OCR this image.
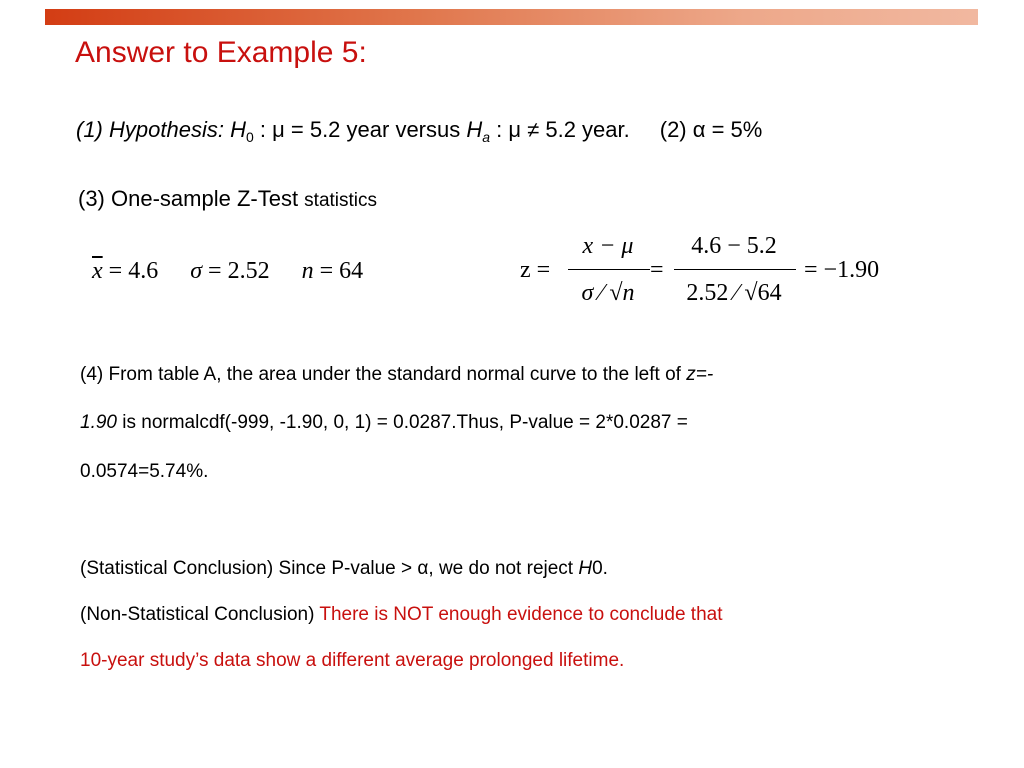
Answer to Example 5:
(1) Hypothesis: $H_0$ : μ = 5.2 year versus $H_a$ : μ ≠ 5.2 year. (2) α = 5%
(3) One-sample Z-Test statistics
$\overline{x} = 4.6$ σ = 2.52 n = 64	z =
x − μ
σ ⁄ √n
=
4.6 − 5.2
2.52 ⁄ √64
= −1.90
(4) From table A, the area under the standard normal curve to the left of z=-
1.90 is normalcdf(-999, -1.90, 0, 1) = 0.0287.Thus, P-value = 2*0.0287 =
0.0574=5.74%.
(Statistical Conclusion) Since P-value > α, we do not reject H0.
(Non-Statistical Conclusion) There is NOT enough evidence to conclude that
10-year study’s data show a different average prolonged lifetime.
